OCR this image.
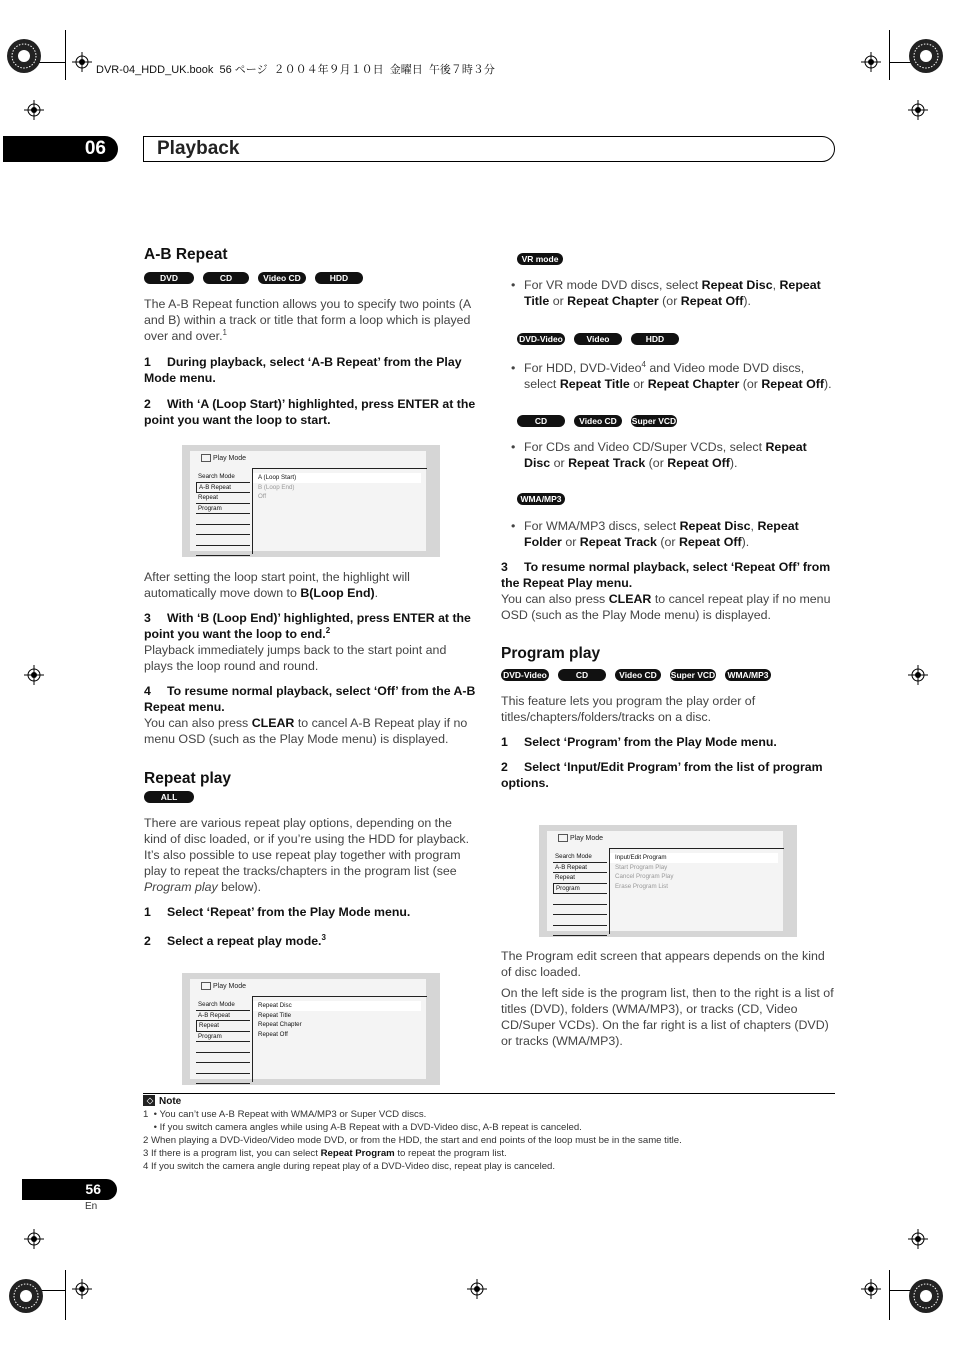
DVR-04_HDD_UK.book  56 ページ  ２００４年９月１０日  金曜日  午後７時３分
06	Playback
A-B Repeat
DVD	CD	Video CD	HDD

The A-B Repeat function allows you to specify two points (A and B) within a track or title that form a loop which is played over and over.$^1$

1 During playback, select ‘A-B Repeat’ from the Play Mode menu.

2 With ‘A (Loop Start)’ highlighted, press ENTER at the point you want the loop to start.

Play Mode
Search Mode
A-B Repeat
Repeat
Program
A (Loop Start)
B (Loop End)
Off

After setting the loop start point, the highlight will automatically move down to B(Loop End).

3 With ‘B (Loop End)’ highlighted, press ENTER at the point you want the loop to end.$^2$

Playback immediately jumps back to the start point and plays the loop round and round.

4 To resume normal playback, select ‘Off’ from the A-B Repeat menu.

You can also press CLEAR to cancel A-B Repeat play if no menu OSD (such as the Play Mode menu) is displayed.

Repeat play
ALL

There are various repeat play options, depending on the kind of disc loaded, or if you’re using the HDD for playback. It’s also possible to use repeat play together with program play to repeat the tracks/chapters in the program list (see Program play below).

1 Select ‘Repeat’ from the Play Mode menu.

2 Select a repeat play mode.$^3$

Play Mode
Search Mode
A-B Repeat
Repeat
Program
Repeat Disc
Repeat Title
Repeat Chapter
Repeat Off
VR mode

• For VR mode DVD discs, select Repeat Disc, Repeat Title or Repeat Chapter (or Repeat Off).

DVD-Video	Video modeHDD

• For HDD, DVD-Video$^4$ and Video mode DVD discs, select Repeat Title or Repeat Chapter (or Repeat Off).

CD	Video CD Super VCD

• For CDs and Video CD/Super VCDs, select Repeat Disc or Repeat Track (or Repeat Off).

WMA/MP3

• For WMA/MP3 discs, select Repeat Disc, Repeat Folder or Repeat Track (or Repeat Off).

3 To resume normal playback, select ‘Repeat Off’ from the Repeat Play menu.

You can also press CLEAR to cancel repeat play if no menu OSD (such as the Play Mode menu) is displayed.

Program play
DVD-Video	CD	Video CD Super VCD WMA/MP3

This feature lets you program the play order of titles/chapters/folders/tracks on a disc.

1 Select ‘Program’ from the Play Mode menu.

2 Select ‘Input/Edit Program’ from the list of program options.

Play Mode
Search Mode
A-B Repeat
Repeat
Program
Input/Edit Program
Start Program Play
Cancel Program Play
Erase Program List

The Program edit screen that appears depends on the kind of disc loaded.

On the left side is the program list, then to the right is a list of titles (DVD), folders (WMA/MP3), or tracks (CD, Video CD/Super VCDs). On the far right is a list of chapters (DVD) or tracks (WMA/MP3).

Note
1  • You can’t use A-B Repeat with WMA/MP3 or Super VCD discs.
• If you switch camera angles while using A-B Repeat with a DVD-Video disc, A-B repeat is canceled.
2 When playing a DVD-Video/Video mode DVD, or from the HDD, the start and end points of the loop must be in the same title.
3 If there is a program list, you can select Repeat Program to repeat the program list.
4 If you switch the camera angle during repeat play of a DVD-Video disc, repeat play is canceled.
56
En
